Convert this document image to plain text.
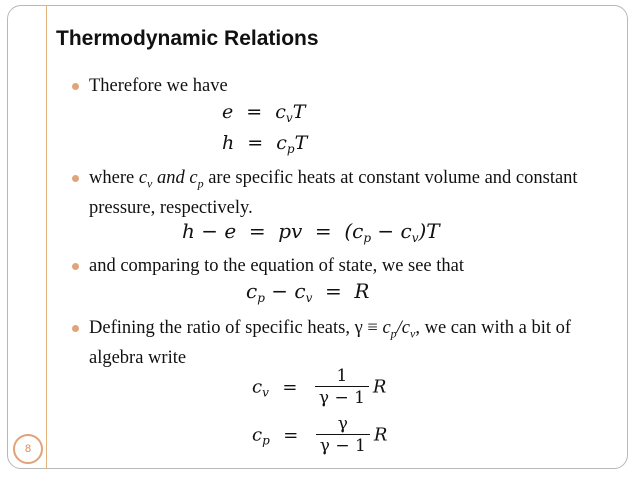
Thermodynamic Relations
Therefore we have
$e = c_vT$
$h = c_pT$
where $c_v$ and $c_p$ are specific heats at constant volume and constant pressure, respectively.
h − e = pv = $(c_p - c_v)T$
and comparing to the equation of state, we see that
$c_p - c_v = R$
Defining the ratio of specific heats, $\gamma \equiv c_p/c_v$, we can with a bit of algebra write
$c_v = \frac{1}{\gamma - 1}$ R
$c_p = \frac{\gamma}{\gamma - 1}$ R
8
